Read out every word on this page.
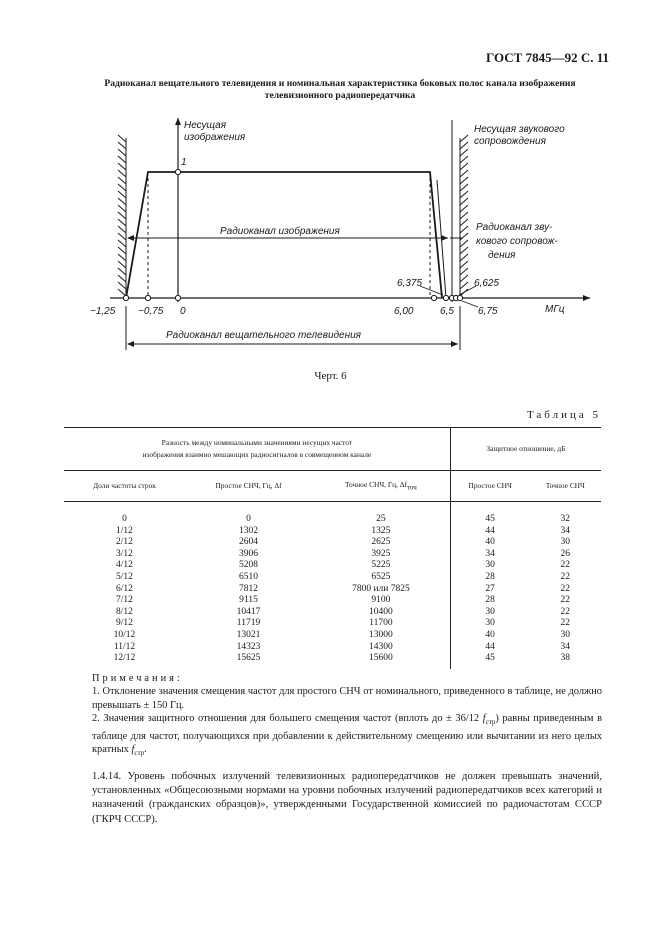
ГОСТ 7845—92 С. 11
Радиоканал вещательного телевидения и номинальная характеристика боковых полос канала изображения
телевизионного радиопередатчика
Несущая
изображения
Несущая звукового
сопровождения
1
Радиоканал изображения	Радиоканал зву-
кового сопровож-
дения
Радиоканал вещательного телевидения
МГц
−1,25 −0,75 0
6,375
6,00	6,5
6,625
6,75
Черт. 6
Таблица 5
Разность между номинальными значениями несущих частот
изображения взаимно мешающих радиосигналов в совмещенном канале			Защитное отношение, дБ	
Доли частоты строк	Простое СНЧ, Гц, Δf	Точное СНЧ, Гц, $\Delta f_{точ}$	Простое СНЧ	Точное СНЧ
0	0	25	45	32
1/12	1302	1325	44	34
2/12	2604	2625	40	30
3/12	3906	3925	34	26
4/12	5208	5225	30	22
5/12	6510	6525	28	22
6/12	7812	7800 или 7825	27	22
7/12	9115	9100	28	22
8/12	10417	10400	30	22
9/12	11719	11700	30	22
10/12	13021	13000	40	30
11/12	14323	14300	44	34
12/12	15625	15600	45	38
Примечания:

1. Отклонение значения смещения частот для простого СНЧ от номинального, приведенного в таблице, не должно превышать ± 150 Гц.

2. Значения защитного отношения для большего смещения частот (вплоть до ± 36/12 $f_{стр}$) равны приведенным в таблице для частот, получающихся при добавлении к действительному смещению или вычитании из него целых кратных $f_{стр}$.

1.4.14. Уровень побочных излучений телевизионных радиопередатчиков не должен превышать значений, установленных «Общесоюзными нормами на уровни побочных излучений радиопередатчиков всех категорий и назначений (гражданских образцов)», утвержденными Государственной комиссией по радиочастотам СССР (ГКРЧ СССР).
